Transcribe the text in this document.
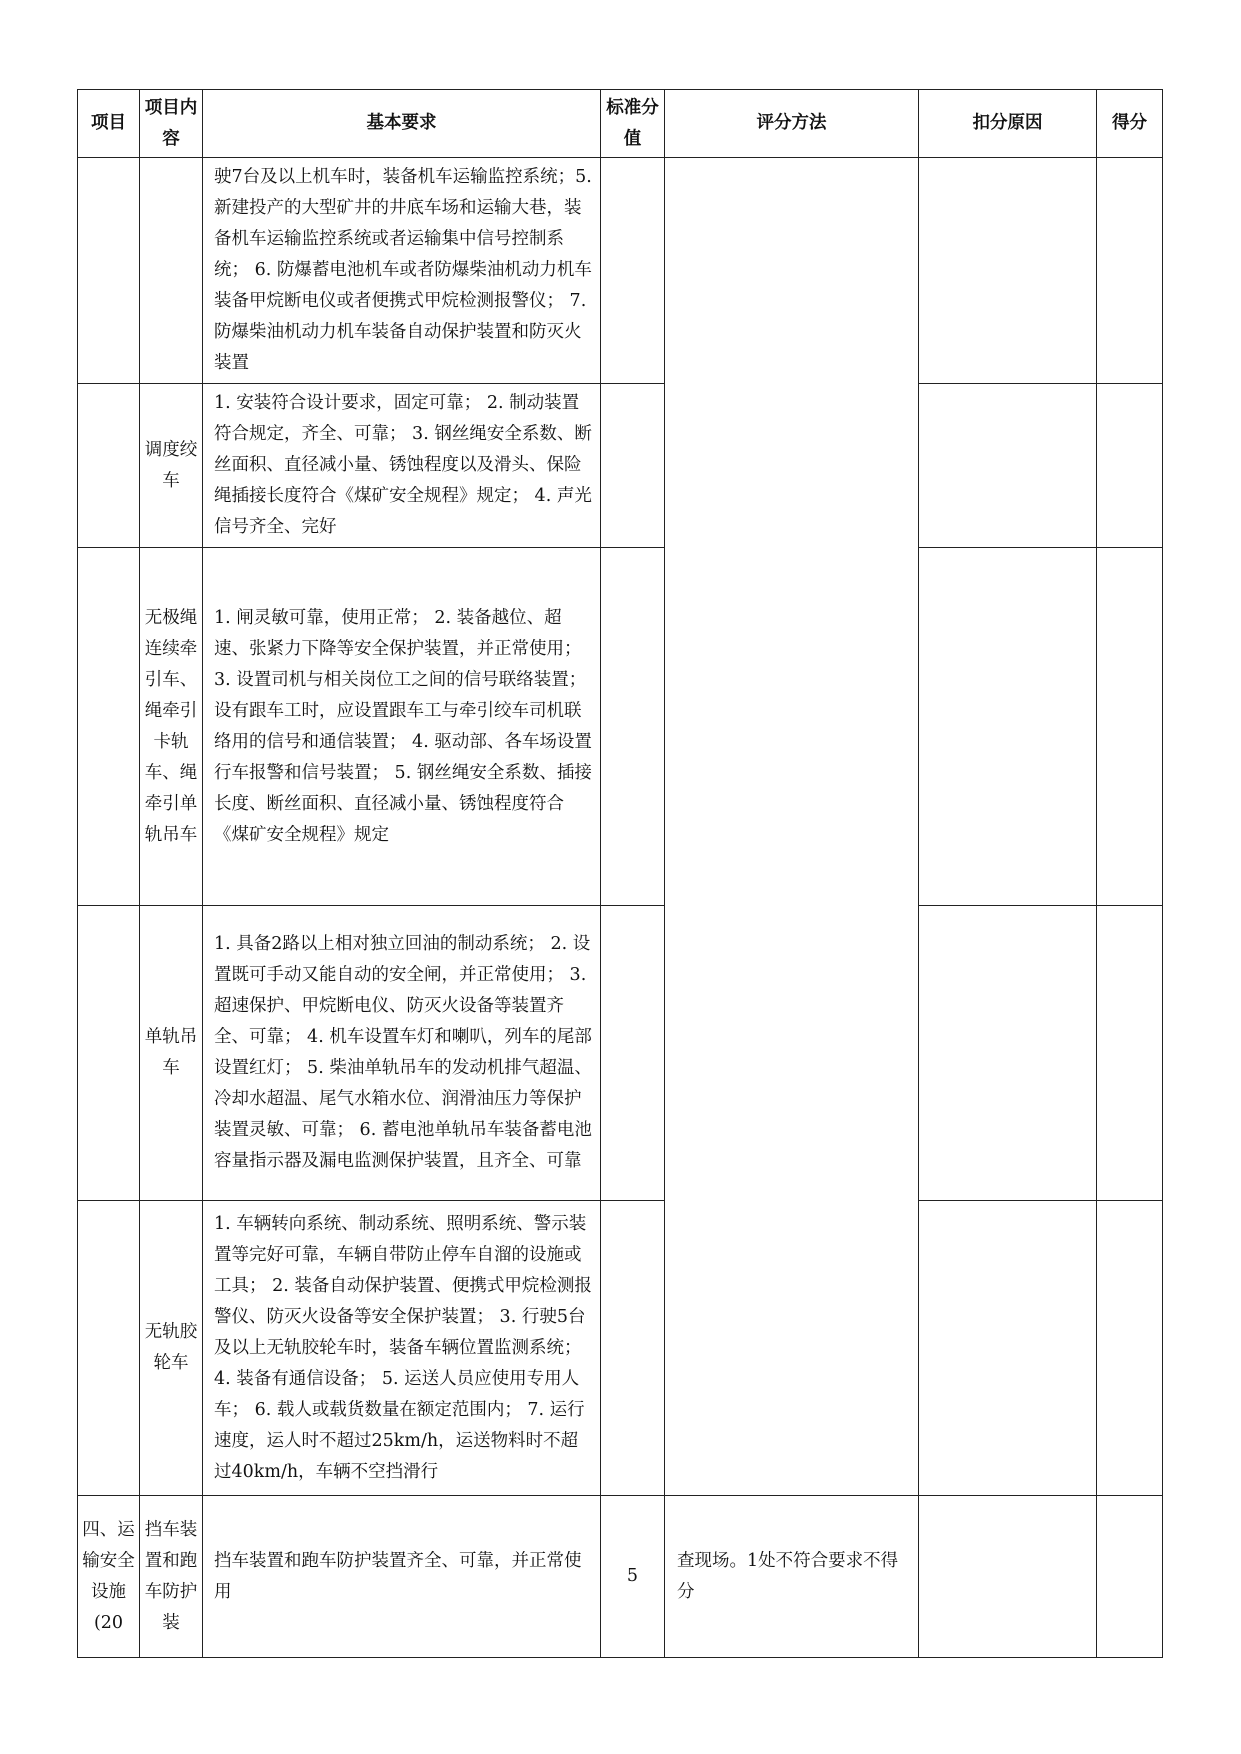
项目	项目内容	基本要求	标准分值	评分方法	扣分原因	得分
		驶7台及以上机车时，装备机车运输监控系统；5. 新建投产的大型矿井的井底车场和运输大巷，装备机车运输监控系统或者运输集中信号控制系统； 6. 防爆蓄电池机车或者防爆柴油机动力机车装备甲烷断电仪或者便携式甲烷检测报警仪； 7. 防爆柴油机动力机车装备自动保护装置和防灭火装置				
	调度绞车	1. 安装符合设计要求，固定可靠； 2. 制动装置符合规定，齐全、可靠； 3. 钢丝绳安全系数、断丝面积、直径减小量、锈蚀程度以及滑头、保险绳插接长度符合《煤矿安全规程》规定； 4. 声光信号齐全、完好				
	无极绳连续牵引车、绳牵引卡轨车、绳牵引单轨吊车	1. 闸灵敏可靠，使用正常； 2. 装备越位、超速、张紧力下降等安全保护装置，并正常使用； 3. 设置司机与相关岗位工之间的信号联络装置；设有跟车工时，应设置跟车工与牵引绞车司机联络用的信号和通信装置； 4. 驱动部、各车场设置行车报警和信号装置； 5. 钢丝绳安全系数、插接长度、断丝面积、直径减小量、锈蚀程度符合《煤矿安全规程》规定				
	单轨吊车	1. 具备2路以上相对独立回油的制动系统； 2. 设置既可手动又能自动的安全闸，并正常使用； 3. 超速保护、甲烷断电仪、防灭火设备等装置齐全、可靠； 4. 机车设置车灯和喇叭，列车的尾部设置红灯； 5. 柴油单轨吊车的发动机排气超温、冷却水超温、尾气水箱水位、润滑油压力等保护装置灵敏、可靠； 6. 蓄电池单轨吊车装备蓄电池容量指示器及漏电监测保护装置，且齐全、可靠				
	无轨胶轮车	1. 车辆转向系统、制动系统、照明系统、警示装置等完好可靠，车辆自带防止停车自溜的设施或工具； 2. 装备自动保护装置、便携式甲烷检测报警仪、防灭火设备等安全保护装置； 3. 行驶5台及以上无轨胶轮车时，装备车辆位置监测系统； 4. 装备有通信设备； 5. 运送人员应使用专用人车； 6. 载人或载货数量在额定范围内； 7. 运行速度，运人时不超过25km/h，运送物料时不超过40km/h，车辆不空挡滑行				
四、运输安全设施(20	挡车装置和跑车防护装	挡车装置和跑车防护装置齐全、可靠，并正常使用	5	查现场。1处不符合要求不得分		
